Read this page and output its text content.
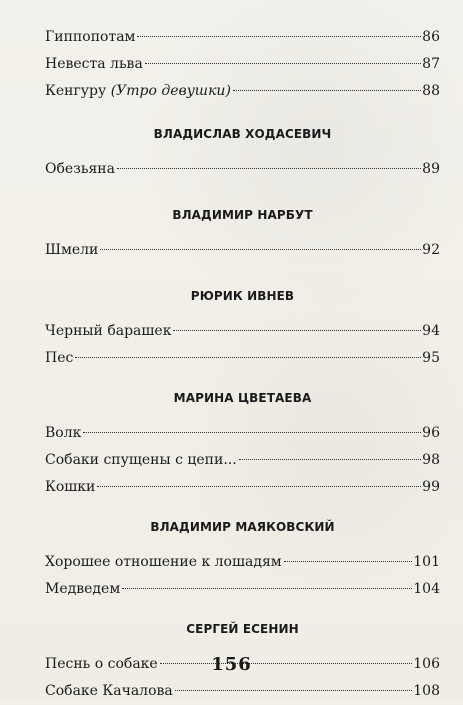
Гиппопотам	86
Невеста льва	87
Кенгуру (Утро девушки)	88
ВЛАДИСЛАВ ХОДАСЕВИЧ
Обезьяна	89
ВЛАДИМИР НАРБУТ
Шмели	92
РЮРИК ИВНЕВ
Черный барашек	94
Пес	95
МАРИНА ЦВЕТАЕВА
Волк	96
Собаки спущены с цепи...	98
Кошки	99
ВЛАДИМИР МАЯКОВСКИЙ
Хорошее отношение к лошадям	101
Медведем	104
СЕРГЕЙ ЕСЕНИН
Песнь о собаке	106
Собаке Качалова	108
156
